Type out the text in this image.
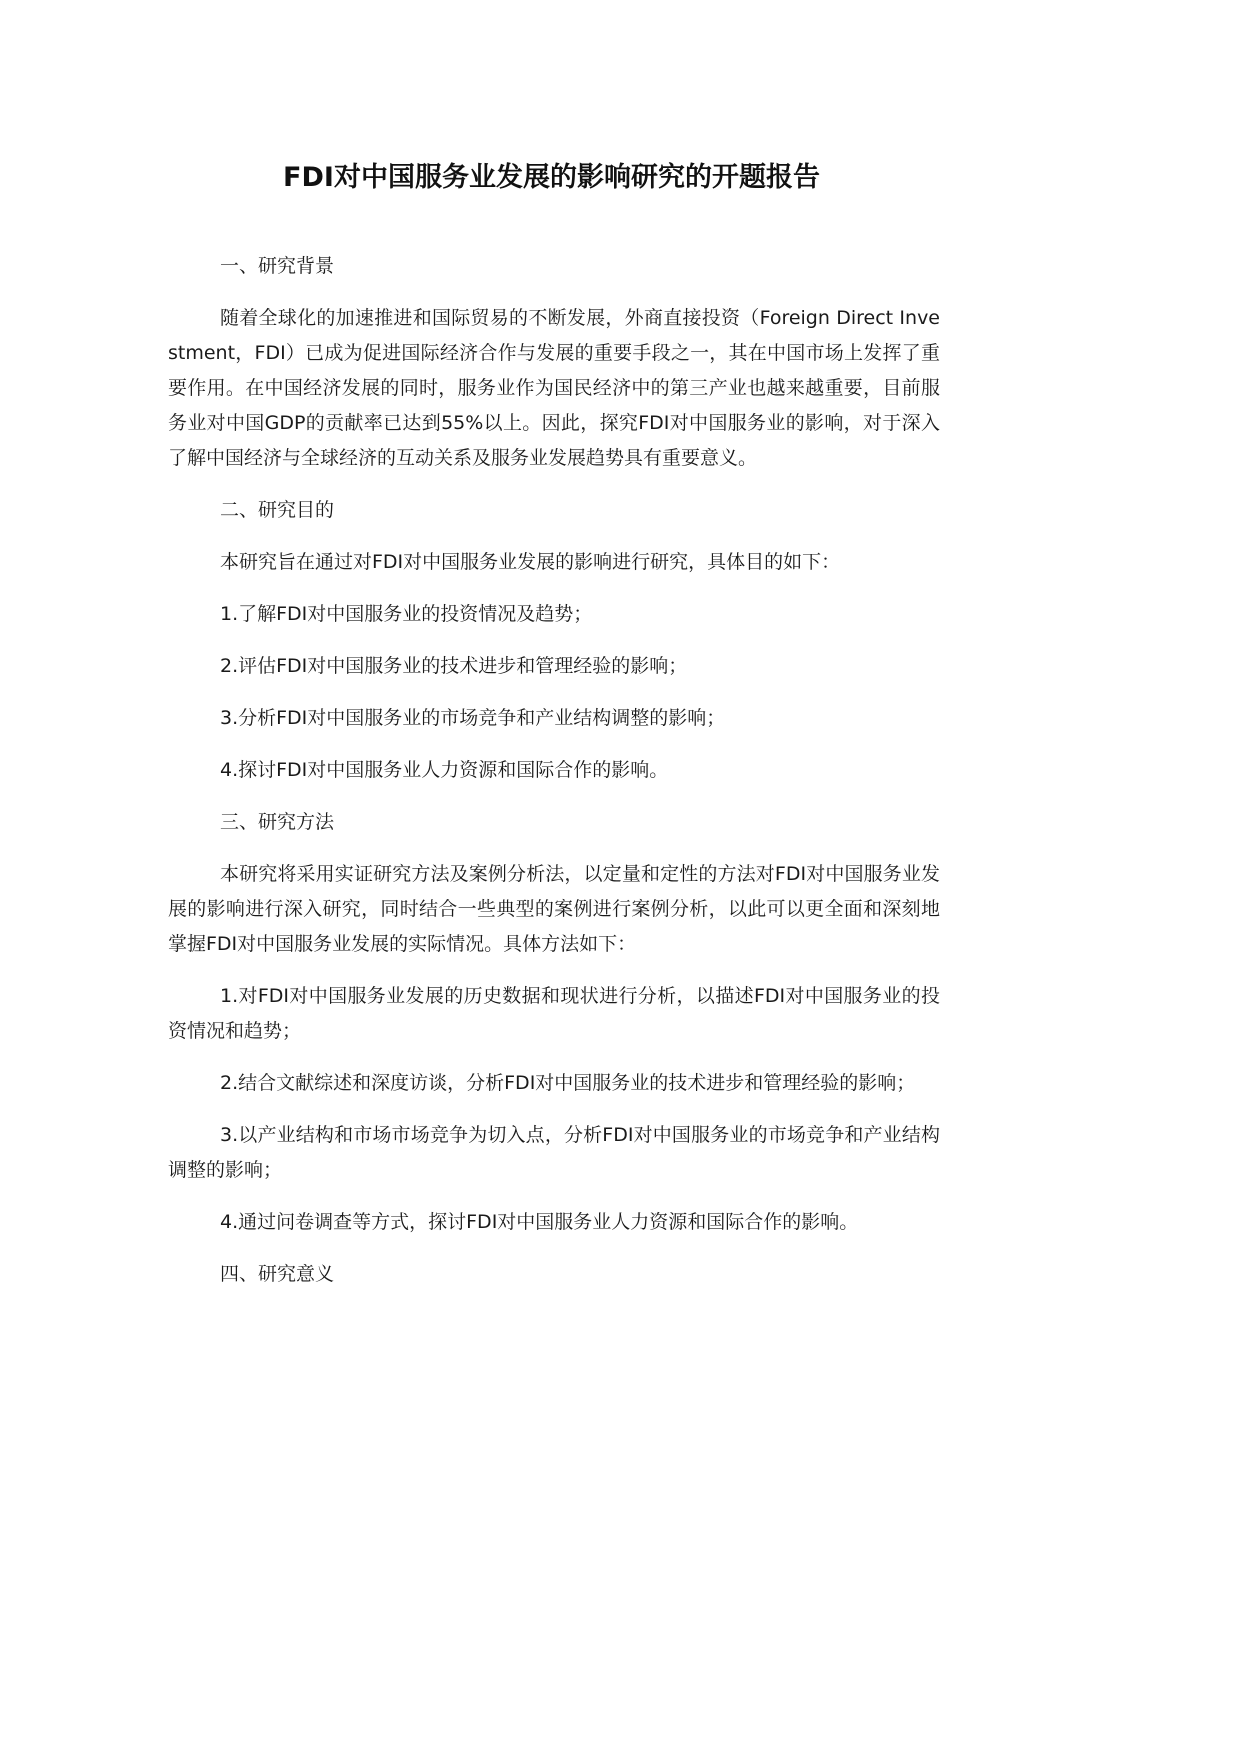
FDI对中国服务业发展的影响研究的开题报告

一、研究背景

随着全球化的加速推进和国际贸易的不断发展，外商直接投资（Foreign Direct Investment，FDI）已成为促进国际经济合作与发展的重要手段之一，其在中国市场上发挥了重要作用。在中国经济发展的同时，服务业作为国民经济中的第三产业也越来越重要，目前服务业对中国GDP的贡献率已达到55%以上。因此，探究FDI对中国服务业的影响，对于深入了解中国经济与全球经济的互动关系及服务业发展趋势具有重要意义。

二、研究目的

本研究旨在通过对FDI对中国服务业发展的影响进行研究，具体目的如下：

1.了解FDI对中国服务业的投资情况及趋势；

2.评估FDI对中国服务业的技术进步和管理经验的影响；

3.分析FDI对中国服务业的市场竞争和产业结构调整的影响；

4.探讨FDI对中国服务业人力资源和国际合作的影响。

三、研究方法

本研究将采用实证研究方法及案例分析法，以定量和定性的方法对FDI对中国服务业发展的影响进行深入研究，同时结合一些典型的案例进行案例分析，以此可以更全面和深刻地掌握FDI对中国服务业发展的实际情况。具体方法如下：

1.对FDI对中国服务业发展的历史数据和现状进行分析，以描述FDI对中国服务业的投资情况和趋势；

2.结合文献综述和深度访谈，分析FDI对中国服务业的技术进步和管理经验的影响；

3.以产业结构和市场市场竞争为切入点，分析FDI对中国服务业的市场竞争和产业结构调整的影响；

4.通过问卷调查等方式，探讨FDI对中国服务业人力资源和国际合作的影响。

四、研究意义
